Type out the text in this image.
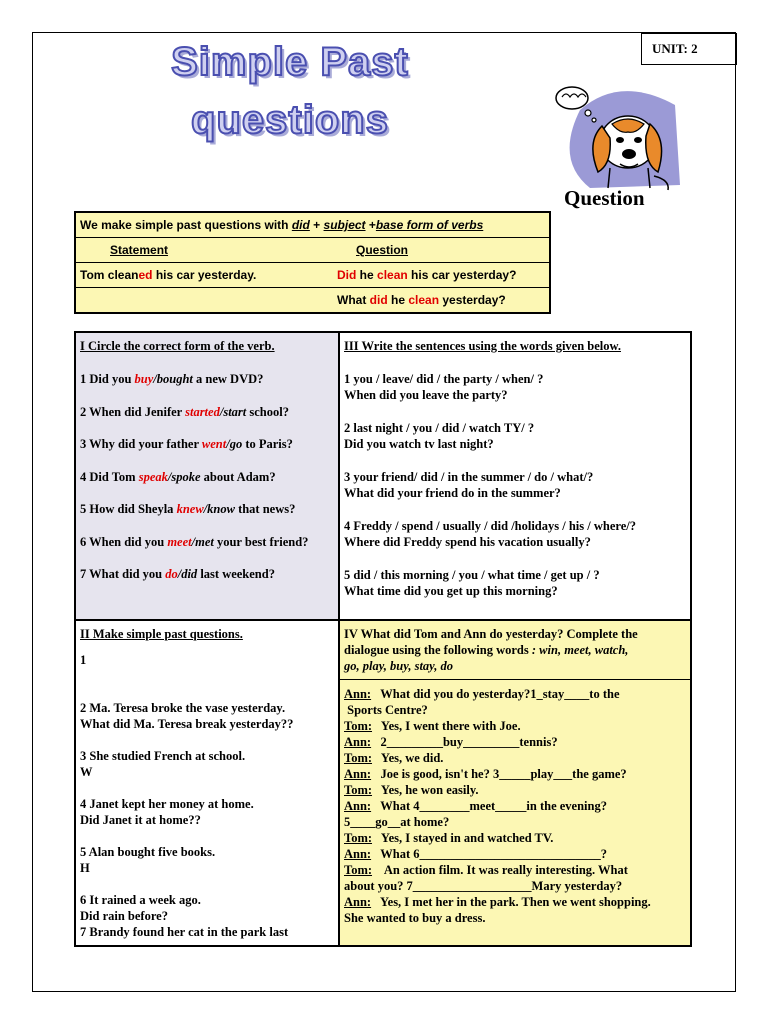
UNIT: 2
Simple Past
questions
Question
We make simple past questions with did + subject +base form of verbs
Statement	Question
Tom cleaned his car yesterday.	Did he clean his car yesterday?
What did he clean yesterday?
I Circle the correct form of the verb.
1 Did you buy/bought a new DVD?
2 When did Jenifer started/start school?
3 Why did your father went/go to Paris?
4 Did Tom speak/spoke about Adam?
5 How did Sheyla knew/know that news?
6 When did you meet/met your best friend?
7 What did you do/did last weekend?
III Write the sentences using the words given below.
1 you / leave/ did / the party / when/ ?
When did you leave the party?
2 last night / you / did / watch TY/ ?
Did you watch tv last night?
3 your friend/ did / in the summer / do / what/?
What did your friend do in the summer?
4 Freddy / spend / usually / did /holidays / his / where/?
Where did Freddy spend his vacation usually?
5 did / this morning / you / what time / get up / ?
What time did you get up this morning?
II Make simple past questions.
1
2 Ma. Teresa broke the vase yesterday.
What did Ma. Teresa break yesterday??
3 She studied French at school.
W
4 Janet kept her money at home.
Did Janet it at home??
5 Alan bought five books.
H
6 It rained a week ago.
Did rain before?
7 Brandy found her cat in the park last
IV What did Tom and Ann do yesterday? Complete the
dialogue using the following words : win, meet, watch,
go, play, buy, stay, do
Ann:   What did you do yesterday?1_stay____to the
Sports Centre?
Tom:   Yes, I went there with Joe.
Ann:   2_________buy_________tennis?
Tom:   Yes, we did.
Ann:   Joe is good, isn't he? 3_____play___the game?
Tom:   Yes, he won easily.
Ann:   What 4________meet_____in the evening?
5____go__at home?
Tom:   Yes, I stayed in and watched TV.
Ann:   What 6_____________________________?
Tom:    An action film. It was really interesting. What
about you? 7___________________Mary yesterday?
Ann:   Yes, I met her in the park. Then we went shopping.
She wanted to buy a dress.
